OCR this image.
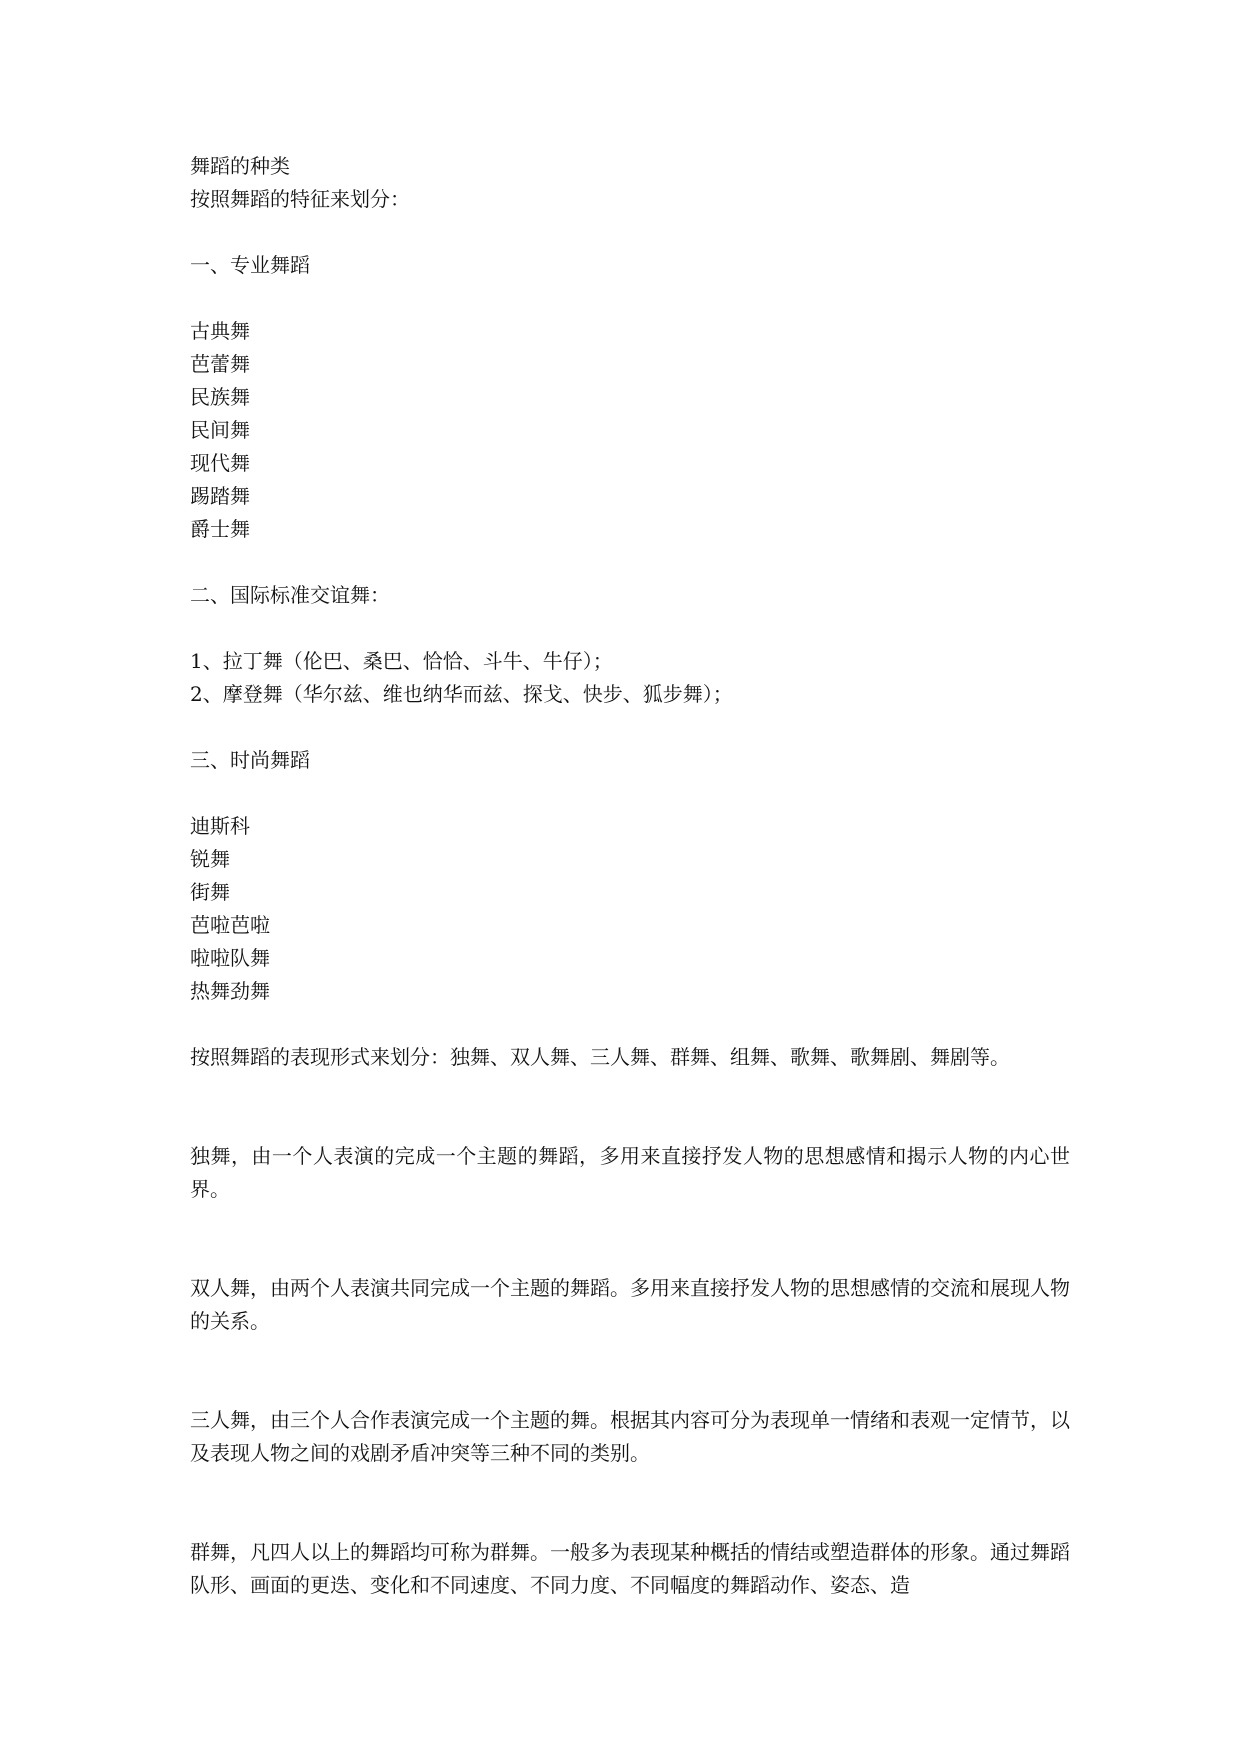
舞蹈的种类
按照舞蹈的特征来划分：
一、专业舞蹈
古典舞
芭蕾舞
民族舞
民间舞
现代舞
踢踏舞
爵士舞
二、国际标准交谊舞：
1、拉丁舞（伦巴、桑巴、恰恰、斗牛、牛仔）；
2、摩登舞（华尔兹、维也纳华而兹、探戈、快步、狐步舞）；
三、时尚舞蹈
迪斯科
锐舞
街舞
芭啦芭啦
啦啦队舞
热舞劲舞
按照舞蹈的表现形式来划分：独舞、双人舞、三人舞、群舞、组舞、歌舞、歌舞剧、舞剧等。
独舞，由一个人表演的完成一个主题的舞蹈，多用来直接抒发人物的思想感情和揭示人物的内心世界。
双人舞，由两个人表演共同完成一个主题的舞蹈。多用来直接抒发人物的思想感情的交流和展现人物的关系。
三人舞，由三个人合作表演完成一个主题的舞。根据其内容可分为表现单一情绪和表观一定情节，以及表现人物之间的戏剧矛盾冲突等三种不同的类别。
群舞，凡四人以上的舞蹈均可称为群舞。一般多为表现某种概括的情结或塑造群体的形象。通过舞蹈队形、画面的更迭、变化和不同速度、不同力度、不同幅度的舞蹈动作、姿态、造
